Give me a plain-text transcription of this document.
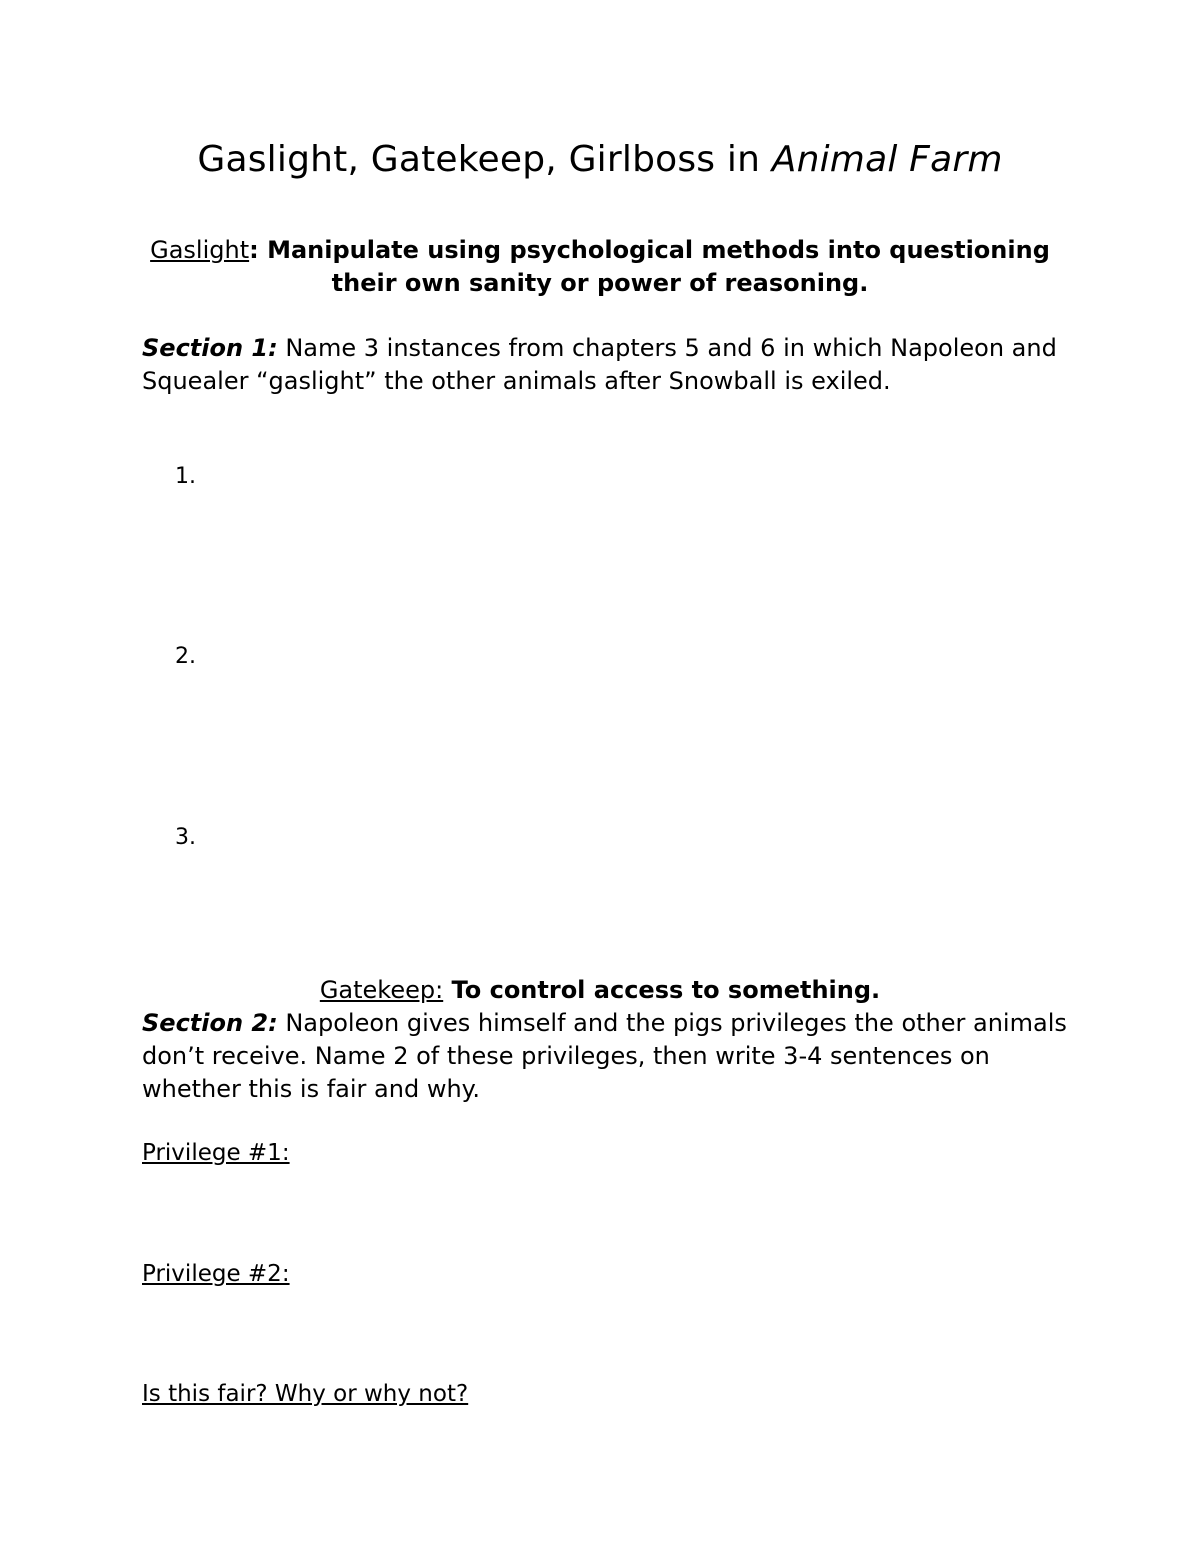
Gaslight, Gatekeep, Girlboss in Animal Farm
Gaslight: Manipulate using psychological methods into questioning
their own sanity or power of reasoning.
Section 1: Name 3 instances from chapters 5 and 6 in which Napoleon and Squealer “gaslight” the other animals after Snowball is exiled.
1.
2.
3.
Gatekeep: To control access to something.
Section 2: Napoleon gives himself and the pigs privileges the other animals don’t receive. Name 2 of these privileges, then write 3-4 sentences on whether this is fair and why.
Privilege #1:
Privilege #2:
Is this fair? Why or why not?
